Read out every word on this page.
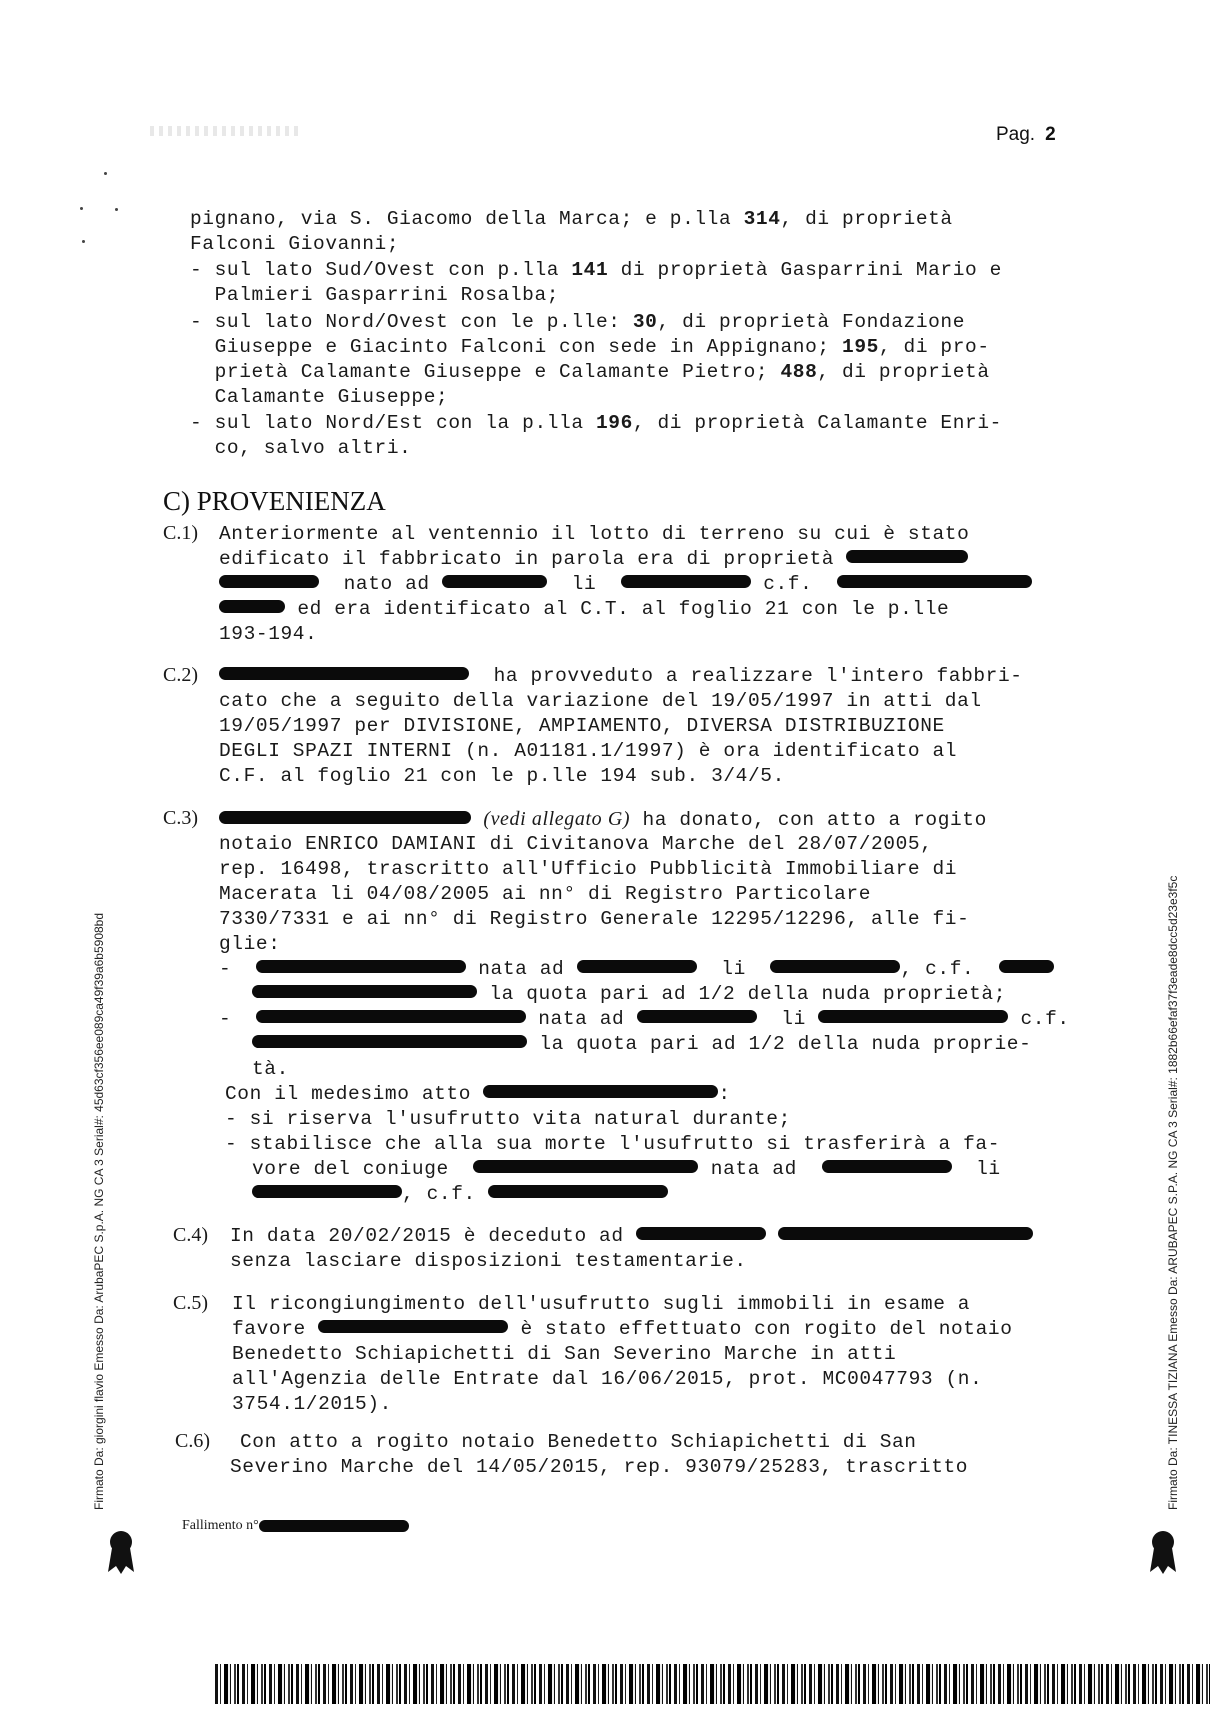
Pag. 2
pignano, via S. Giacomo della Marca; e p.lla 314, di proprietà
Falconi Giovanni;
- sul lato Sud/Ovest con p.lla 141 di proprietà Gasparrini Mario e
Palmieri Gasparrini Rosalba;
- sul lato Nord/Ovest con le p.lle: 30, di proprietà Fondazione
Giuseppe e Giacinto Falconi con sede in Appignano; 195, di pro-
prietà Calamante Giuseppe e Calamante Pietro; 488, di proprietà
Calamante Giuseppe;
- sul lato Nord/Est con la p.lla 196, di proprietà Calamante Enri-
co, salvo altri.
C) PROVENIENZA
C.1) Anteriormente al ventennio il lotto di terreno su cui è stato
edificato il fabbricato in parola era di proprietà
nato ad	li	c.f.
ed era identificato al C.T. al foglio 21 con le p.lle
193-194.
C.2)	ha provveduto a realizzare l'intero fabbri-
cato che a seguito della variazione del 19/05/1997 in atti dal
19/05/1997 per DIVISIONE, AMPIAMENTO, DIVERSA DISTRIBUZIONE
DEGLI SPAZI INTERNI (n. A01181.1/1997) è ora identificato al
C.F. al foglio 21 con le p.lle 194 sub. 3/4/5.
C.3)	(vedi allegato G) ha donato, con atto a rogito
notaio ENRICO DAMIANI di Civitanova Marche del 28/07/2005,
rep. 16498, trascritto all'Ufficio Pubblicità Immobiliare di
Macerata li 04/08/2005 ai nn° di Registro Particolare
7330/7331 e ai nn° di Registro Generale 12295/12296, alle fi-
glie:
-	nata ad	li	, c.f.
la quota pari ad 1/2 della nuda proprietà;
-	nata ad	li	c.f.
la quota pari ad 1/2 della nuda proprie-
tà.
Con il medesimo atto	:
- si riserva l'usufrutto vita natural durante;
- stabilisce che alla sua morte l'usufrutto si trasferirà a fa-
vore del coniuge	nata ad	li
, c.f.
C.4) In data 20/02/2015 è deceduto ad
senza lasciare disposizioni testamentarie.
C.5) Il ricongiungimento dell'usufrutto sugli immobili in esame a
favore	è stato effettuato con rogito del notaio
Benedetto Schiapichetti di San Severino Marche in atti
all'Agenzia delle Entrate dal 16/06/2015, prot. MC0047793 (n.
3754.1/2015).
C.6) Con atto a rogito notaio Benedetto Schiapichetti di San
Severino Marche del 14/05/2015, rep. 93079/25283, trascritto
Fallimento n°
Firmato Da: giorgini flavio Emesso Da: ArubaPEC S.p.A. NG CA 3 Serial#: 45d63cf356ee089ca49f39a6b5908bd	Firmato Da: TINESSA TIZIANA Emesso Da: ARUBAPEC S.P.A. NG CA 3 Serial#: 1882b66efaf37f3eade8dcc5d23e3f5c
